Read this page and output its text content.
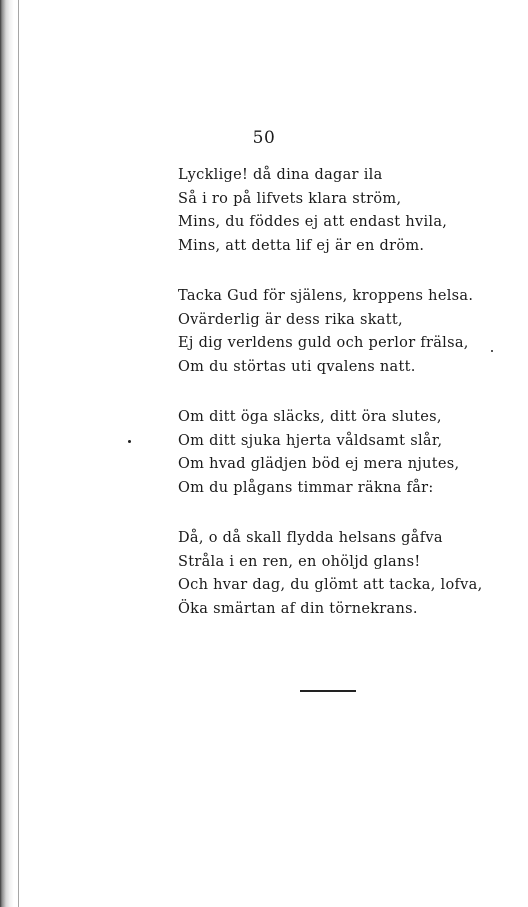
50
Lycklige! då dina dagar ila
Så i ro på lifvets klara ström,
Mins, du föddes ej att endast hvila,
Mins, att detta lif ej är en dröm.
Tacka Gud för själens, kroppens helsa.
Ovärderlig är dess rika skatt,
Ej dig verldens guld och perlor frälsa,
Om du störtas uti qvalens natt.
Om ditt öga släcks, ditt öra slutes,
Om ditt sjuka hjerta våldsamt slår,
Om hvad glädjen böd ej mera njutes,
Om du plågans timmar räkna får:
Då, o då skall flydda helsans gåfva
Stråla i en ren, en ohöljd glans!
Och hvar dag, du glömt att tacka, lofva,
Öka smärtan af din törnekrans.
